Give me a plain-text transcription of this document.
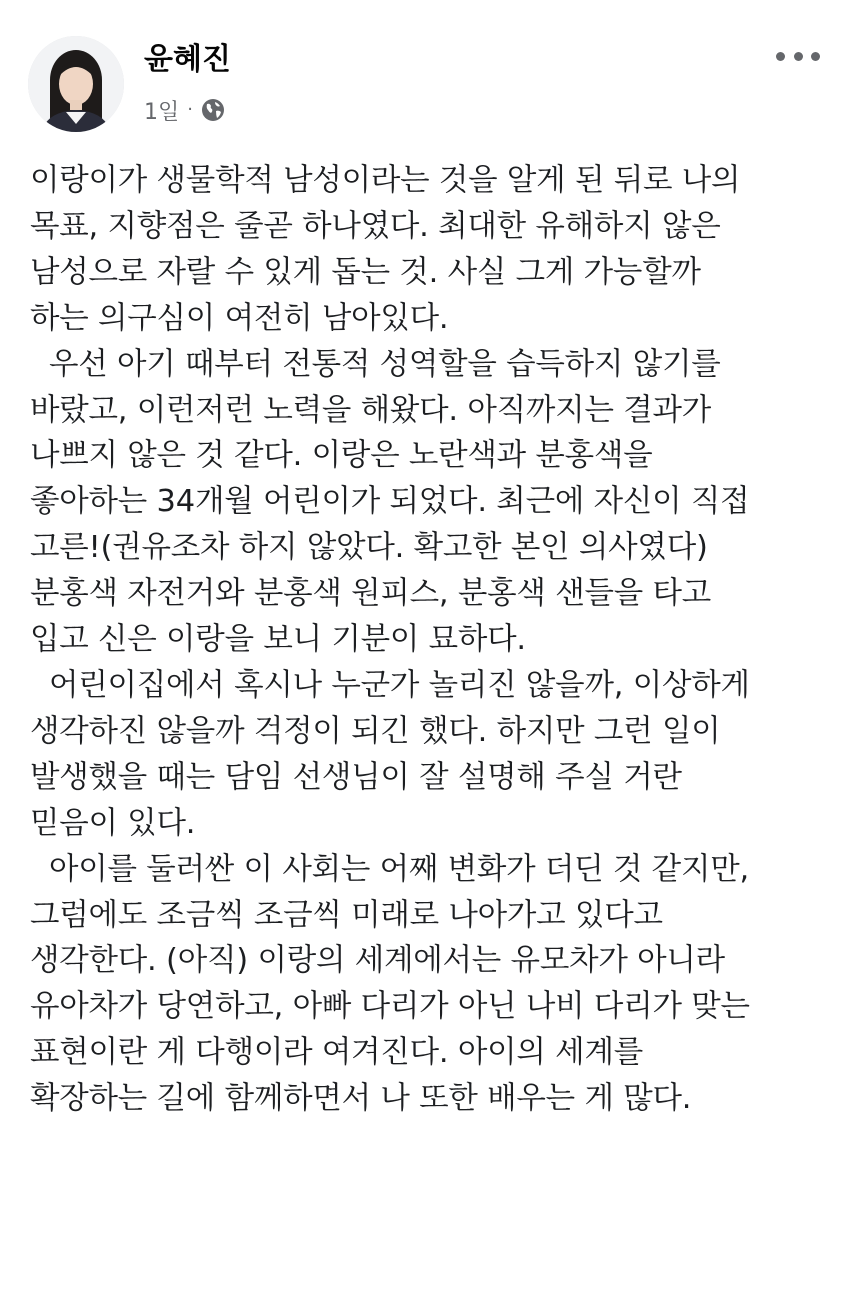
윤혜진
1일 ·
이랑이가 생물학적 남성이라는 것을 알게 된 뒤로 나의
목표, 지향점은 줄곧 하나였다. 최대한 유해하지 않은
남성으로 자랄 수 있게 돕는 것. 사실 그게 가능할까
하는 의구심이 여전히 남아있다.
우선 아기 때부터 전통적 성역할을 습득하지 않기를
바랐고, 이런저런 노력을 해왔다. 아직까지는 결과가
나쁘지 않은 것 같다. 이랑은 노란색과 분홍색을
좋아하는 34개월 어린이가 되었다. 최근에 자신이 직접
고른!(권유조차 하지 않았다. 확고한 본인 의사였다)
분홍색 자전거와 분홍색 원피스, 분홍색 샌들을 타고
입고 신은 이랑을 보니 기분이 묘하다.
어린이집에서 혹시나 누군가 놀리진 않을까, 이상하게
생각하진 않을까 걱정이 되긴 했다. 하지만 그런 일이
발생했을 때는 담임 선생님이 잘 설명해 주실 거란
믿음이 있다.
아이를 둘러싼 이 사회는 어째 변화가 더딘 것 같지만,
그럼에도 조금씩 조금씩 미래로 나아가고 있다고
생각한다. (아직) 이랑의 세계에서는 유모차가 아니라
유아차가 당연하고, 아빠 다리가 아닌 나비 다리가 맞는
표현이란 게 다행이라 여겨진다. 아이의 세계를
확장하는 길에 함께하면서 나 또한 배우는 게 많다.
